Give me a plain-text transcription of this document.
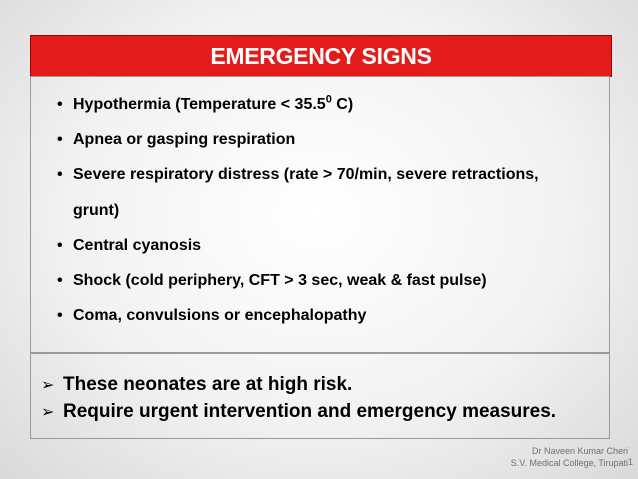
EMERGENCY SIGNS
• Hypothermia (Temperature < $35.5^0$ C)
• Apnea or gasping respiration
• Severe respiratory distress (rate > 70/min, severe retractions,
grunt)
• Central cyanosis
• Shock (cold periphery, CFT > 3 sec, weak & fast pulse)
• Coma, convulsions or encephalopathy
➢ These neonates are at high risk.
➢ Require urgent intervention and emergency measures.
Dr Naveen Kumar Cheri
S.V. Medical College, Tirupati 1
